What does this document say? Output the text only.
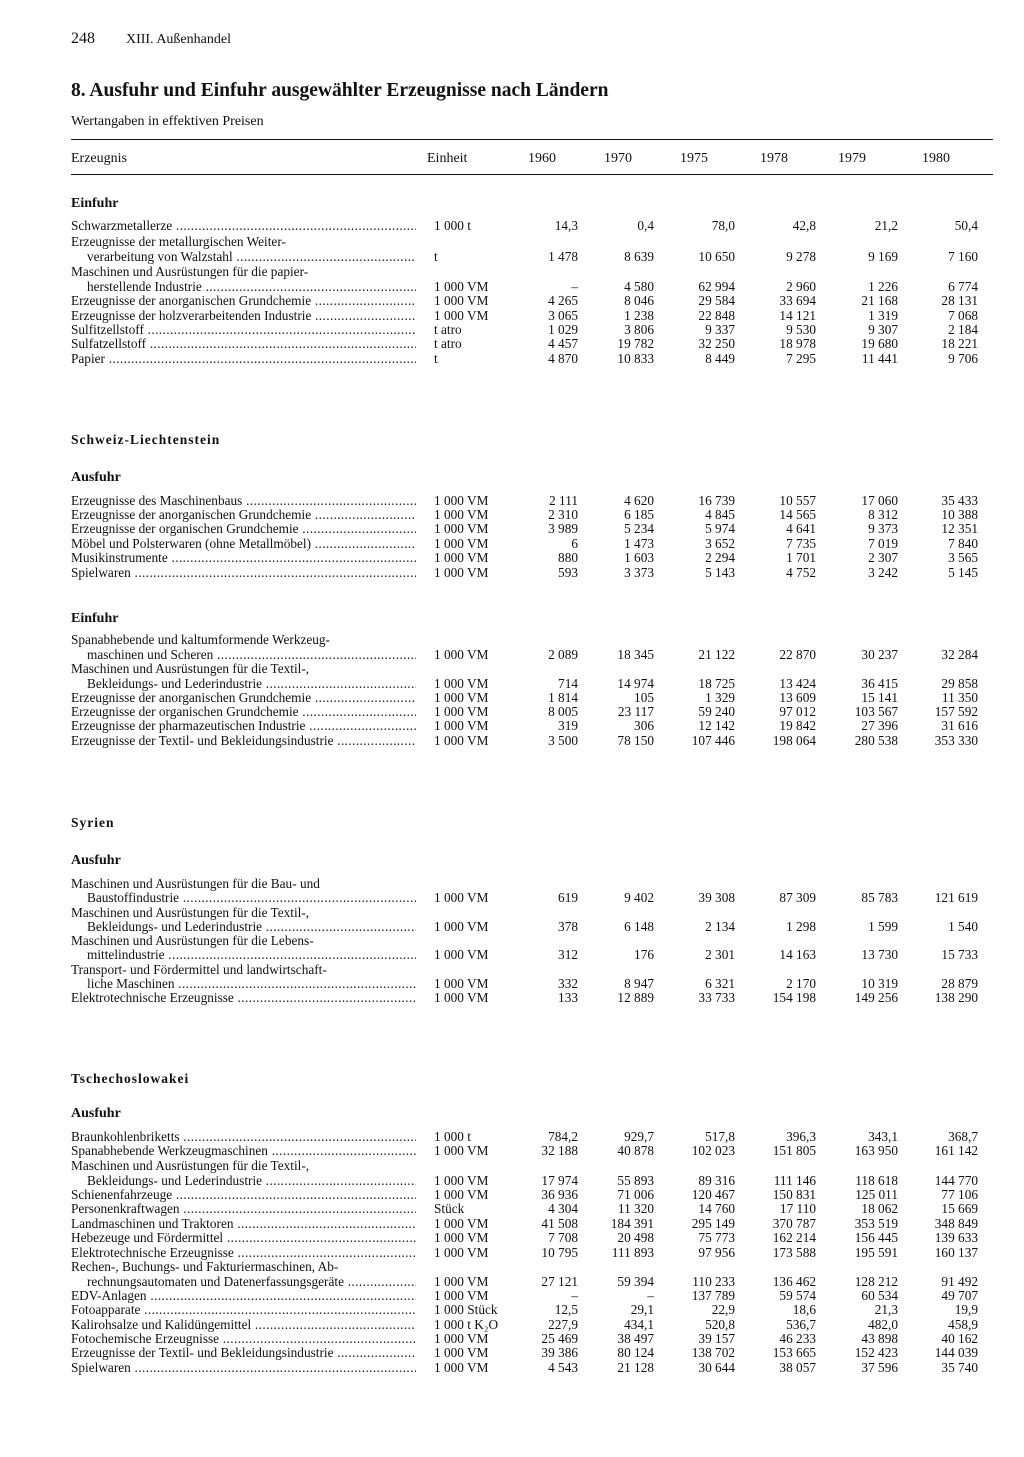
248 XIII. Außenhandel
8. Ausfuhr und Einfuhr ausgewählter Erzeugnisse nach Ländern
Wertangaben in effektiven Preisen
Erzeugnis	Einheit	1960	1970	1975	1978	1979	1980
Einfuhr
Schwarzmetallerze .....	1 000 t	14,3	0,4	78,0	42,8	21,2	50,4
Erzeugnisse der metallurgischen Weiter-
verarbeitung von Walzstahl .....	t	1 478	8 639	10 650	9 278	9 169	7 160
Maschinen und Ausrüstungen für die papier-
herstellende Industrie .....	1 000 VM	–	4 580	62 994	2 960	1 226	6 774
Erzeugnisse der anorganischen Grundchemie .....	1 000 VM	4 265	8 046	29 584	33 694	21 168	28 131
Erzeugnisse der holzverarbeitenden Industrie .....	1 000 VM	3 065	1 238	22 848	14 121	1 319	7 068
Sulfitzellstoff .....	t atro	1 029	3 806	9 337	9 530	9 307	2 184
Sulfatzellstoff .....	t atro	4 457	19 782	32 250	18 978	19 680	18 221
Papier .....	t	4 870	10 833	8 449	7 295	11 441	9 706
Schweiz-Liechtenstein
Ausfuhr
Erzeugnisse des Maschinenbaus .....	1 000 VM	2 111	4 620	16 739	10 557	17 060	35 433
Erzeugnisse der anorganischen Grundchemie .....	1 000 VM	2 310	6 185	4 845	14 565	8 312	10 388
Erzeugnisse der organischen Grundchemie .....	1 000 VM	3 989	5 234	5 974	4 641	9 373	12 351
Möbel und Polsterwaren (ohne Metallmöbel) .....	1 000 VM	6	1 473	3 652	7 735	7 019	7 840
Musikinstrumente .....	1 000 VM	880	1 603	2 294	1 701	2 307	3 565
Spielwaren .....	1 000 VM	593	3 373	5 143	4 752	3 242	5 145
Einfuhr
Spanabhebende und kaltumformende Werkzeug-
maschinen und Scheren .....	1 000 VM	2 089	18 345	21 122	22 870	30 237	32 284
Maschinen und Ausrüstungen für die Textil-,
Bekleidungs- und Lederindustrie .....	1 000 VM	714	14 974	18 725	13 424	36 415	29 858
Erzeugnisse der anorganischen Grundchemie .....	1 000 VM	1 814	105	1 329	13 609	15 141	11 350
Erzeugnisse der organischen Grundchemie .....	1 000 VM	8 005	23 117	59 240	97 012	103 567	157 592
Erzeugnisse der pharmazeutischen Industrie .....	1 000 VM	319	306	12 142	19 842	27 396	31 616
Erzeugnisse der Textil- und Bekleidungsindustrie .....	1 000 VM	3 500	78 150	107 446	198 064	280 538	353 330
Syrien
Ausfuhr
Maschinen und Ausrüstungen für die Bau- und
Baustoffindustrie .....	1 000 VM	619	9 402	39 308	87 309	85 783	121 619
Maschinen und Ausrüstungen für die Textil-,
Bekleidungs- und Lederindustrie .....	1 000 VM	378	6 148	2 134	1 298	1 599	1 540
Maschinen und Ausrüstungen für die Lebens-
mittelindustrie .....	1 000 VM	312	176	2 301	14 163	13 730	15 733
Transport- und Fördermittel und landwirtschaft-
liche Maschinen .....	1 000 VM	332	8 947	6 321	2 170	10 319	28 879
Elektrotechnische Erzeugnisse .....	1 000 VM	133	12 889	33 733	154 198	149 256	138 290
Tschechoslowakei
Ausfuhr
Braunkohlenbriketts .....	1 000 t	784,2	929,7	517,8	396,3	343,1	368,7
Spanabhebende Werkzeugmaschinen .....	1 000 VM	32 188	40 878	102 023	151 805	163 950	161 142
Maschinen und Ausrüstungen für die Textil-,
Bekleidungs- und Lederindustrie .....	1 000 VM	17 974	55 893	89 316	111 146	118 618	144 770
Schienenfahrzeuge .....	1 000 VM	36 936	71 006	120 467	150 831	125 011	77 106
Personenkraftwagen .....	Stück	4 304	11 320	14 760	17 110	18 062	15 669
Landmaschinen und Traktoren .....	1 000 VM	41 508	184 391	295 149	370 787	353 519	348 849
Hebezeuge und Fördermittel .....	1 000 VM	7 708	20 498	75 773	162 214	156 445	139 633
Elektrotechnische Erzeugnisse .....	1 000 VM	10 795	111 893	97 956	173 588	195 591	160 137
Rechen-, Buchungs- und Fakturiermaschinen, Ab-
rechnungsautomaten und Datenerfassungsgeräte .....	1 000 VM	27 121	59 394	110 233	136 462	128 212	91 492
EDV-Anlagen .....	1 000 VM	–	–	137 789	59 574	60 534	49 707
Fotoapparate .....	1 000 Stück	12,5	29,1	22,9	18,6	21,3	19,9
Kalirohsalze und Kalidüngemittel .....	1 000 t K₂O	227,9	434,1	520,8	536,7	482,0	458,9
Fotochemische Erzeugnisse .....	1 000 VM	25 469	38 497	39 157	46 233	43 898	40 162
Erzeugnisse der Textil- und Bekleidungsindustrie .....	1 000 VM	39 386	80 124	138 702	153 665	152 423	144 039
Spielwaren .....	1 000 VM	4 543	21 128	30 644	38 057	37 596	35 740
